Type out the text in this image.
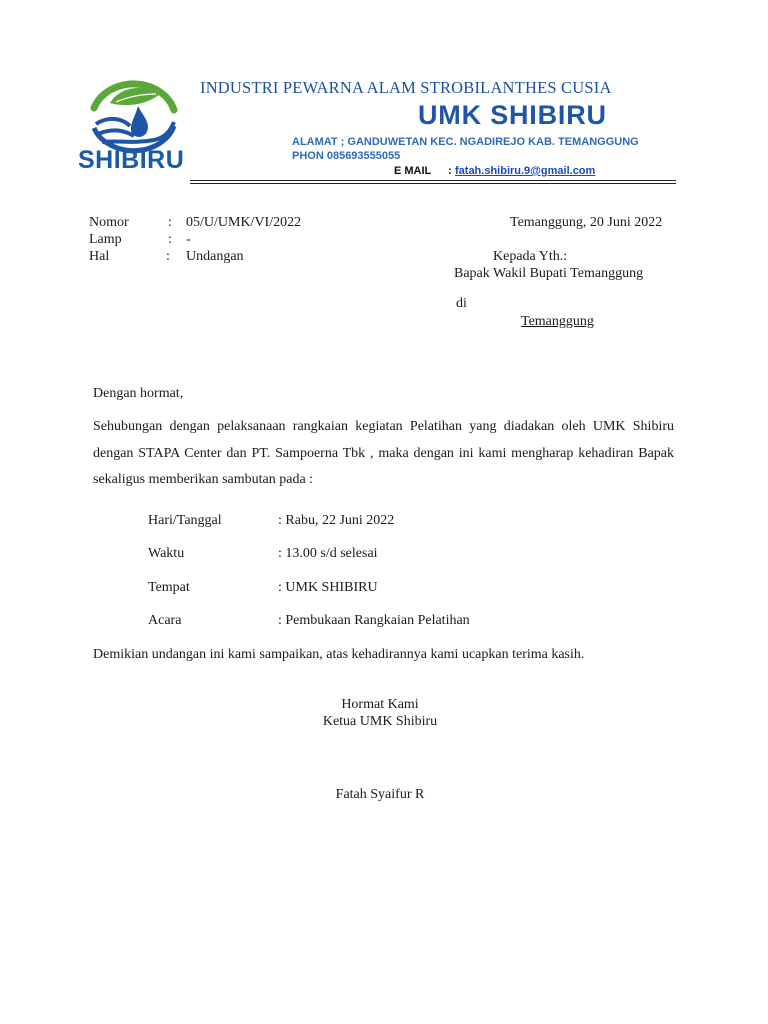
SHIBIRU
INDUSTRI PEWARNA ALAM STROBILANTHES CUSIA
UMK SHIBIRU
ALAMAT ; GANDUWETAN KEC. NGADIREJO KAB. TEMANGGUNG
PHON 085693555055
E MAIL : fatah.shibiru.9@gmail.com
Nomor	: 05/U/UMK/VI/2022
Lamp	: -
Hal	: Undangan
Temanggung, 20 Juni 2022
Kepada Yth.:
Bapak Wakil Bupati Temanggung
di
Temanggung
Dengan hormat,
Sehubungan dengan pelaksanaan rangkaian kegiatan Pelatihan yang diadakan oleh UMK Shibiru dengan STAPA Center dan PT. Sampoerna Tbk , maka dengan ini kami mengharap kehadiran Bapak sekaligus memberikan sambutan pada :
Hari/Tanggal	: Rabu, 22 Juni 2022
Waktu	: 13.00 s/d selesai
Tempat	: UMK SHIBIRU
Acara	: Pembukaan Rangkaian Pelatihan
Demikian undangan ini kami sampaikan, atas kehadirannya kami ucapkan terima kasih.
Hormat Kami
Ketua UMK Shibiru
Fatah Syaifur R
